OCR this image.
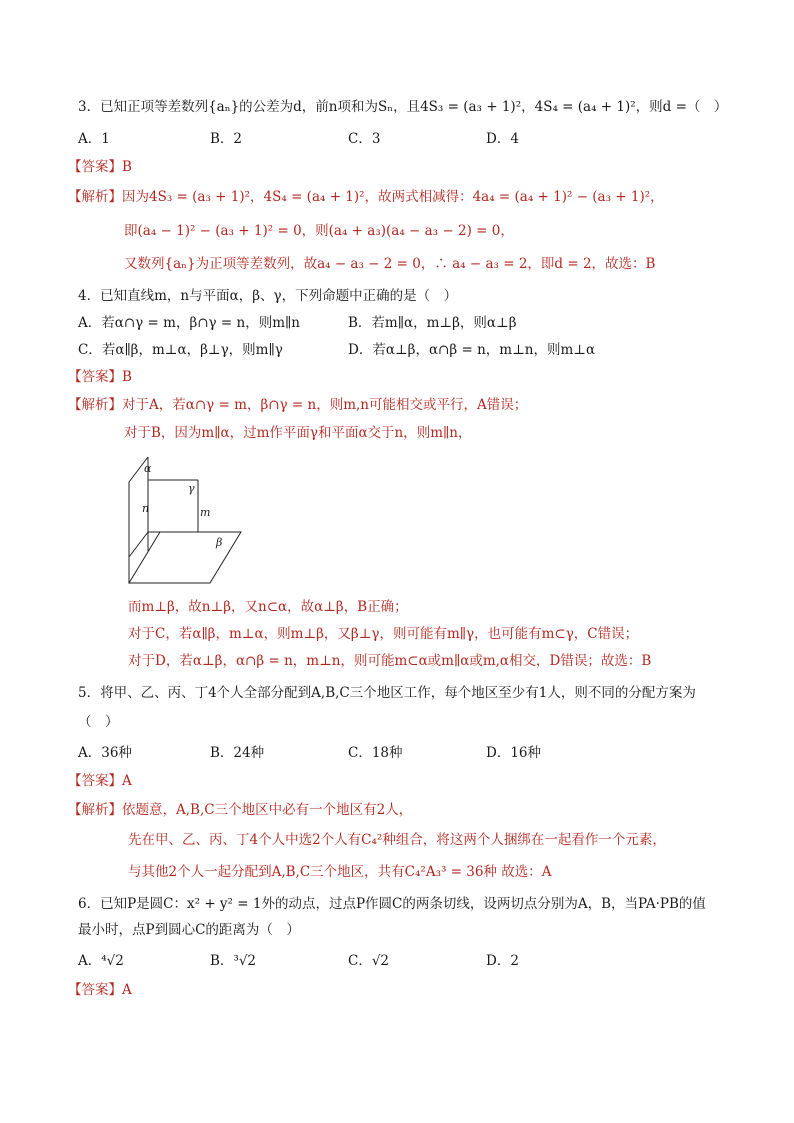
3．已知正项等差数列{aₙ}的公差为d，前n项和为Sₙ，且4S₃ = (a₃ + 1)²，4S₄ = (a₄ + 1)²，则d =（　）
A．1	B．2	C．3	D．4
【答案】B
【解析】因为4S₃ = (a₃ + 1)²，4S₄ = (a₄ + 1)²，故两式相减得：4a₄ = (a₄ + 1)² − (a₃ + 1)²，
即(a₄ − 1)² − (a₃ + 1)² = 0，则(a₄ + a₃)(a₄ − a₃ − 2) = 0，
又数列{aₙ}为正项等差数列，故a₄ − a₃ − 2 = 0，∴ a₄ − a₃ = 2，即d = 2，故选：B
4．已知直线m，n与平面α，β、γ，下列命题中正确的是（　）
A．若α∩γ = m，β∩γ = n，则m∥n	B．若m∥α，m⊥β，则α⊥β
C．若α∥β，m⊥α，β⊥γ，则m∥γ	D．若α⊥β，α∩β = n，m⊥n，则m⊥α
【答案】B
【解析】对于A，若α∩γ = m，β∩γ = n，则m,n可能相交或平行，A错误；
对于B，因为m∥α，过m作平面γ和平面α交于n，则m∥n，
α
γ
n	m
β
而m⊥β，故n⊥β，又n⊂α，故α⊥β，B正确；
对于C，若α∥β，m⊥α，则m⊥β，又β⊥γ，则可能有m∥γ，也可能有m⊂γ，C错误；
对于D，若α⊥β，α∩β = n，m⊥n，则可能m⊂α或m∥α或m,α相交，D错误；故选：B
5．将甲、乙、丙、丁4个人全部分配到A,B,C三个地区工作，每个地区至少有1人，则不同的分配方案为
（　）
A．36种	B．24种	C．18种	D．16种
【答案】A
【解析】依题意，A,B,C三个地区中必有一个地区有2人，
先在甲、乙、丙、丁4个人中选2个人有C₄²种组合，将这两个人捆绑在一起看作一个元素，
与其他2个人一起分配到A,B,C三个地区，共有C₄²A₃³ = 36种 故选：A
6．已知P是圆C：x² + y² = 1外的动点，过点P作圆C的两条切线，设两切点分别为A，B，当PA·PB的值
最小时，点P到圆心C的距离为（　）
A．⁴√2	B．³√2	C．√2	D．2
【答案】A
